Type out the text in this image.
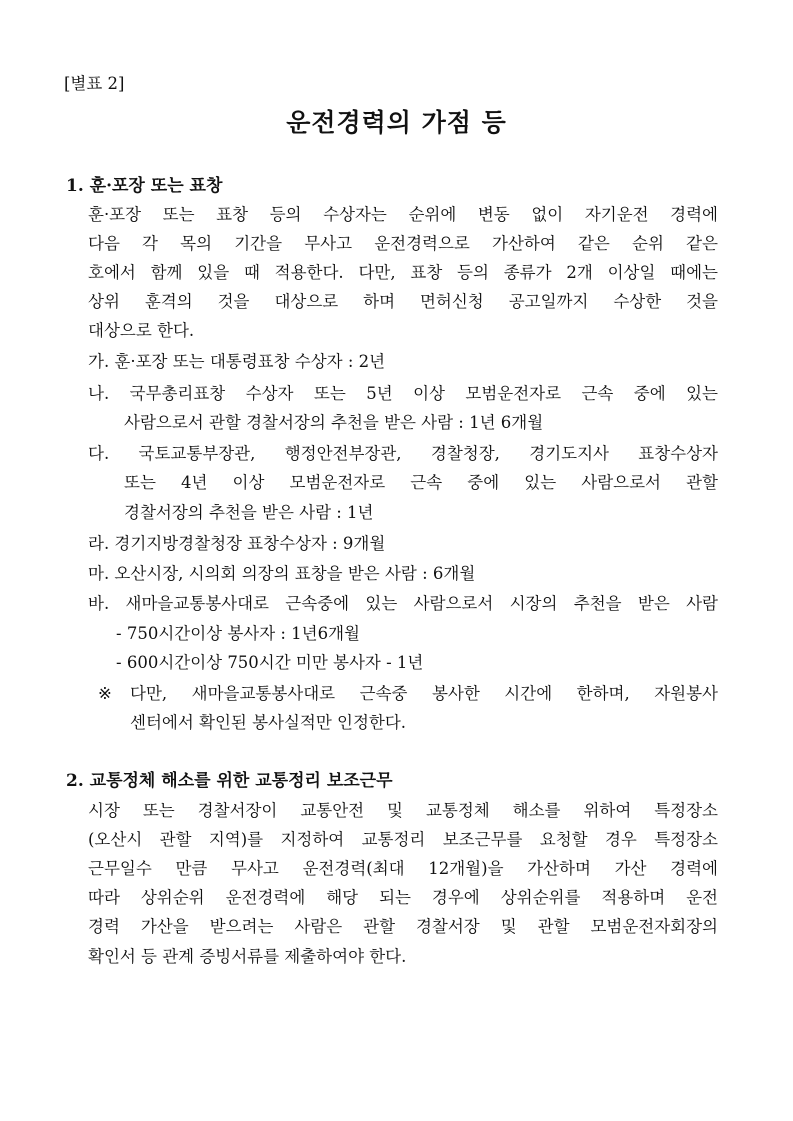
[별표 2]
운전경력의 가점 등
1. 훈·포장 또는 표창
훈·포장 또는 표창 등의 수상자는 순위에 변동 없이 자기운전 경력에
다음 각 목의 기간을 무사고 운전경력으로 가산하여 같은 순위 같은
호에서 함께 있을 때 적용한다. 다만, 표창 등의 종류가 2개 이상일 때에는
상위 훈격의 것을 대상으로 하며 면허신청 공고일까지 수상한 것을
대상으로 한다.
가. 훈·포장 또는 대통령표창 수상자 : 2년
나. 국무총리표창 수상자 또는 5년 이상 모범운전자로 근속 중에 있는
사람으로서 관할 경찰서장의 추천을 받은 사람 : 1년 6개월
다. 국토교통부장관, 행정안전부장관, 경찰청장, 경기도지사 표창수상자
또는 4년 이상 모범운전자로 근속 중에 있는 사람으로서 관할
경찰서장의 추천을 받은 사람 : 1년
라. 경기지방경찰청장 표창수상자 : 9개월
마. 오산시장, 시의회 의장의 표창을 받은 사람 : 6개월
바. 새마을교통봉사대로 근속중에 있는 사람으로서 시장의 추천을 받은 사람
- 750시간이상 봉사자 : 1년6개월
- 600시간이상 750시간 미만 봉사자 - 1년
※ 다만, 새마을교통봉사대로 근속중 봉사한 시간에 한하며, 자원봉사
센터에서 확인된 봉사실적만 인정한다.
2. 교통정체 해소를 위한 교통정리 보조근무
시장 또는 경찰서장이 교통안전 및 교통정체 해소를 위하여 특정장소
(오산시 관할 지역)를 지정하여 교통정리 보조근무를 요청할 경우 특정장소
근무일수 만큼 무사고 운전경력(최대 12개월)을 가산하며 가산 경력에
따라 상위순위 운전경력에 해당 되는 경우에 상위순위를 적용하며 운전
경력 가산을 받으려는 사람은 관할 경찰서장 및 관할 모범운전자회장의
확인서 등 관계 증빙서류를 제출하여야 한다.
